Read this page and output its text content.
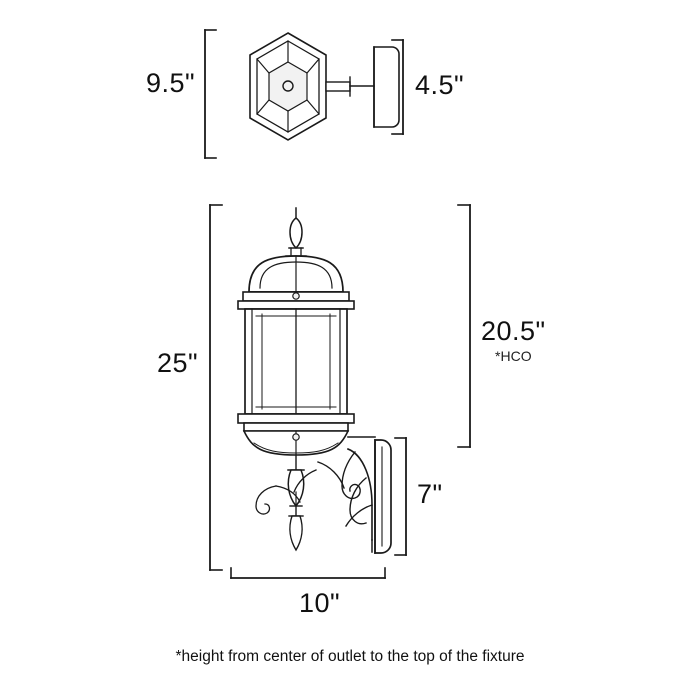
9.5"	4.5"
25"
20.5"
*HCO
7"
10"
*height from center of outlet to the top of the fixture
